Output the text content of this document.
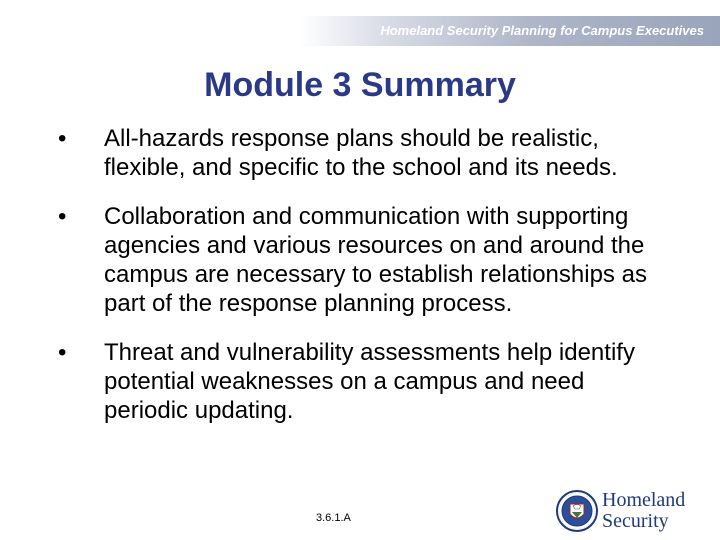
Homeland Security Planning for Campus Executives
Module 3 Summary
• All-hazards response plans should be realistic, flexible, and specific to the school and its needs.
• Collaboration and communication with supporting agencies and various resources on and around the campus are necessary to establish relationships as part of the response planning process.
• Threat and vulnerability assessments help identify potential weaknesses on a campus and need periodic updating.
3.6.1.A
Homeland
Security
